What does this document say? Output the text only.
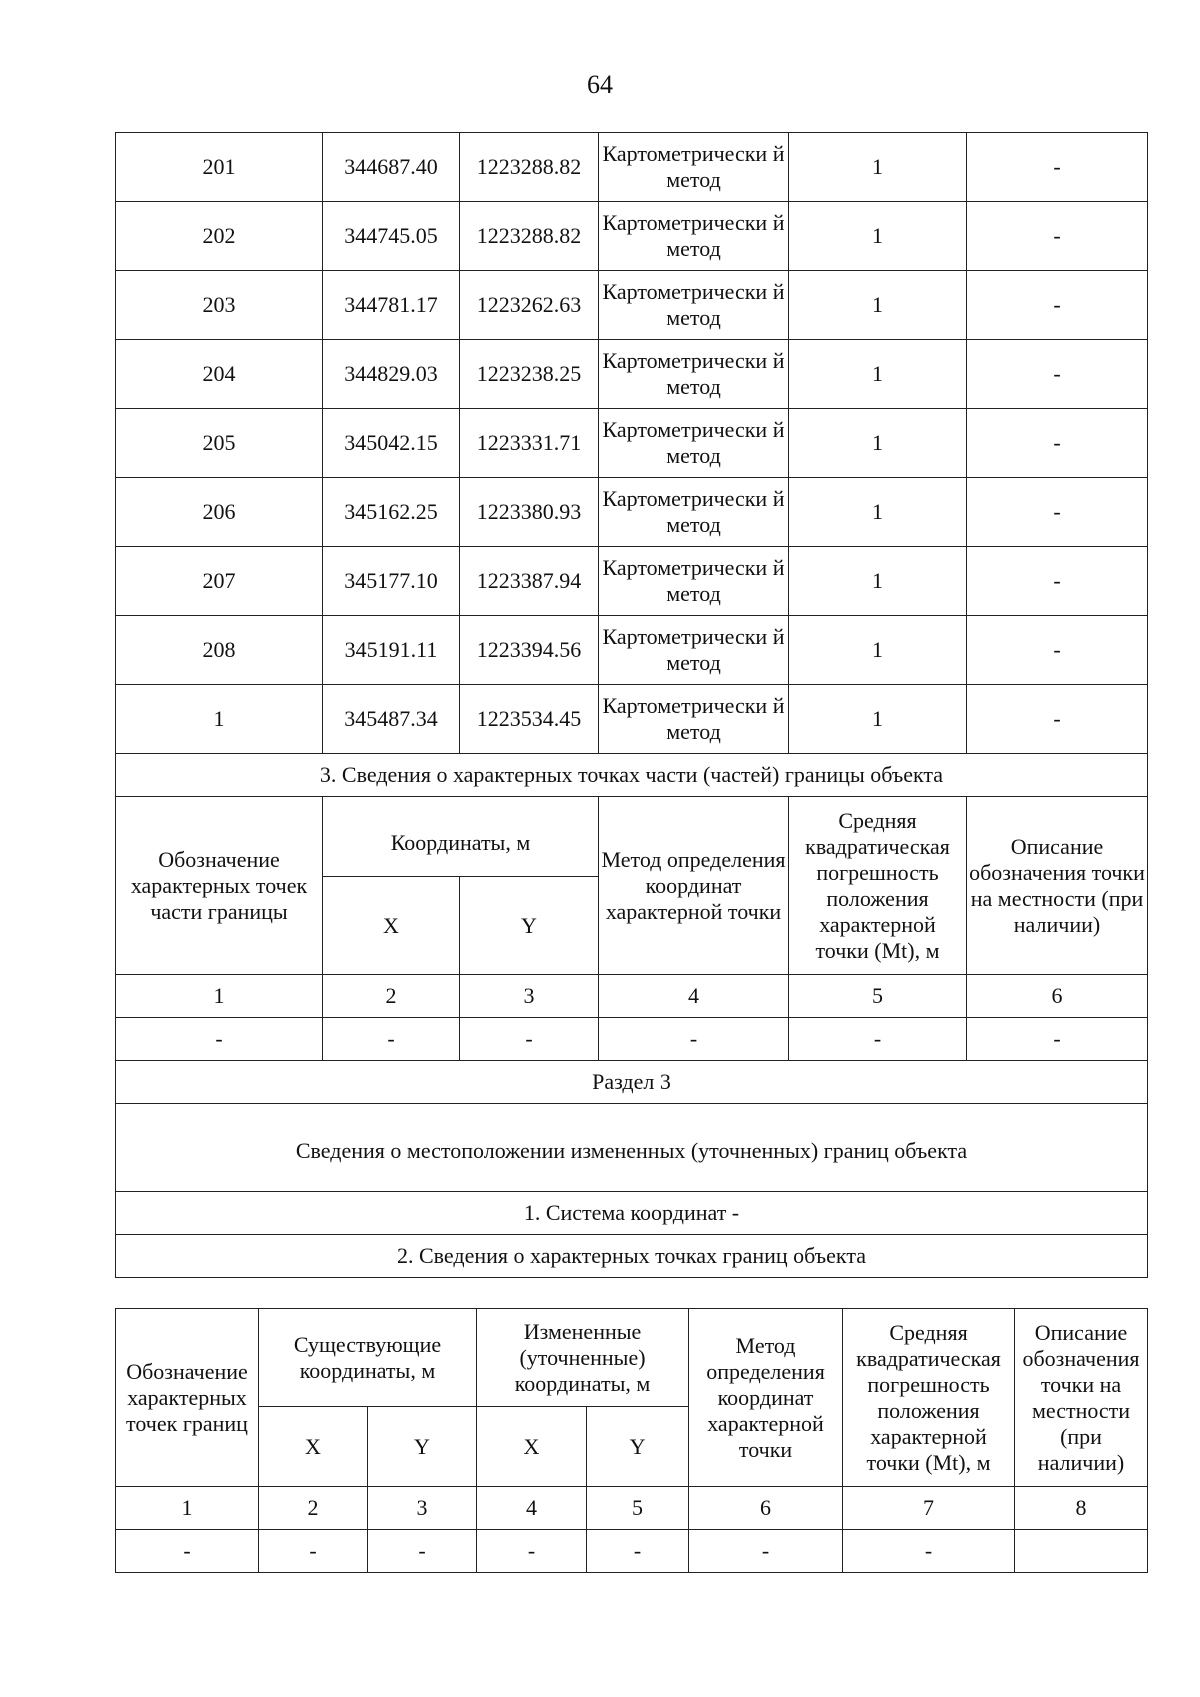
64
201	344687.40	1223288.82	Картометрически й метод	1	-
202	344745.05	1223288.82	Картометрически й метод	1	-
203	344781.17	1223262.63	Картометрически й метод	1	-
204	344829.03	1223238.25	Картометрически й метод	1	-
205	345042.15	1223331.71	Картометрически й метод	1	-
206	345162.25	1223380.93	Картометрически й метод	1	-
207	345177.10	1223387.94	Картометрически й метод	1	-
208	345191.11	1223394.56	Картометрически й метод	1	-
1	345487.34	1223534.45	Картометрически й метод	1	-
3. Сведения о характерных точках части (частей) границы объекта					
Обозначение характерных точек части границы	Координаты, м		Метод определения координат характерной точки	Средняя квадратическая погрешность положения характерной точки (Mt), м	Описание обозначения точки на местности (при наличии)
	X	Y			
1	2	3	4	5	6
-	-	-	-	-	-
Раздел 3					
Сведения о местоположении измененных (уточненных) границ объекта					
1. Система координат -					
2. Сведения о характерных точках границ объекта					
Обозначение характерных точек границ	Существующие координаты, м		Измененные (уточненные) координаты, м		Метод определения координат характерной точки	Средняя квадратическая погрешность положения характерной точки (Mt), м	Описание обозначения точки на местности (при наличии)
	X	Y	X	Y			
1	2	3	4	5	6	7	8
-	-	-	-	-	-	-	
